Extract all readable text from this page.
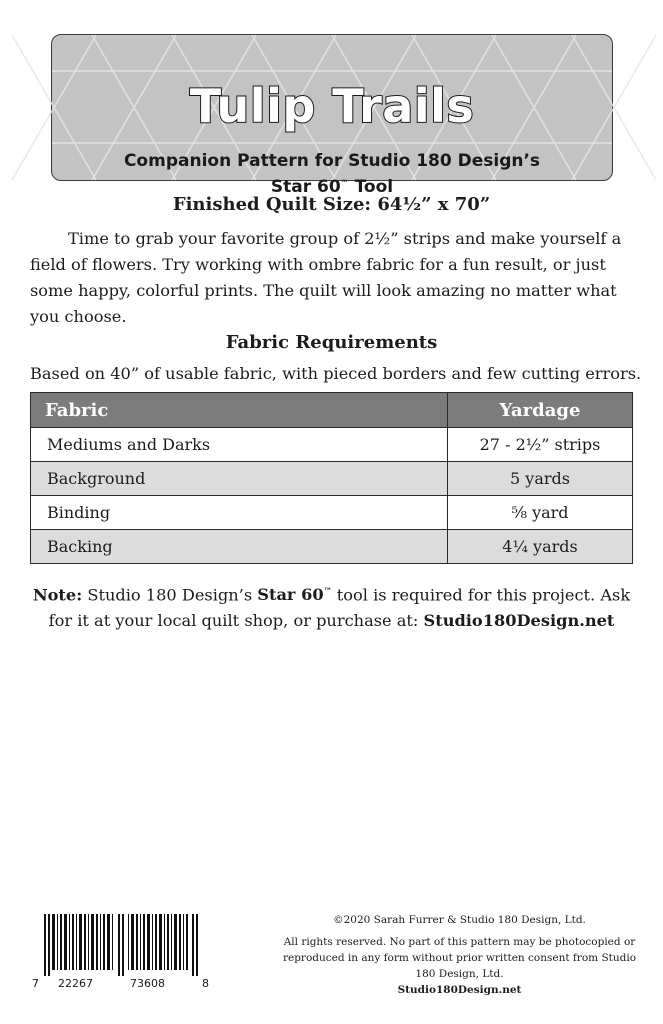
Tulip Trails
Companion Pattern for Studio 180 Design’s
Star 60™ Tool
Finished Quilt Size: 64½” x 70”

Time to grab your favorite group of 2½” strips and make yourself a field of flowers. Try working with ombre fabric for a fun result, or just some happy, colorful prints. The quilt will look amazing no matter what you choose.

Fabric Requirements
Based on 40” of usable fabric, with pieced borders and few cutting errors.
Fabric	Yardage
Mediums and Darks	27 - 2½” strips
Background	5 yards
Binding	⅝ yard
Backing	4¼ yards

Note: Studio 180 Design’s Star 60™ tool is required for this project. Ask for it at your local quilt shop, or purchase at: Studio180Design.net

7 22267	73608	8
©2020 Sarah Furrer & Studio 180 Design, Ltd.
All rights reserved. No part of this pattern may be photocopied or reproduced in any form without prior written consent from Studio 180 Design, Ltd.
Studio180Design.net
